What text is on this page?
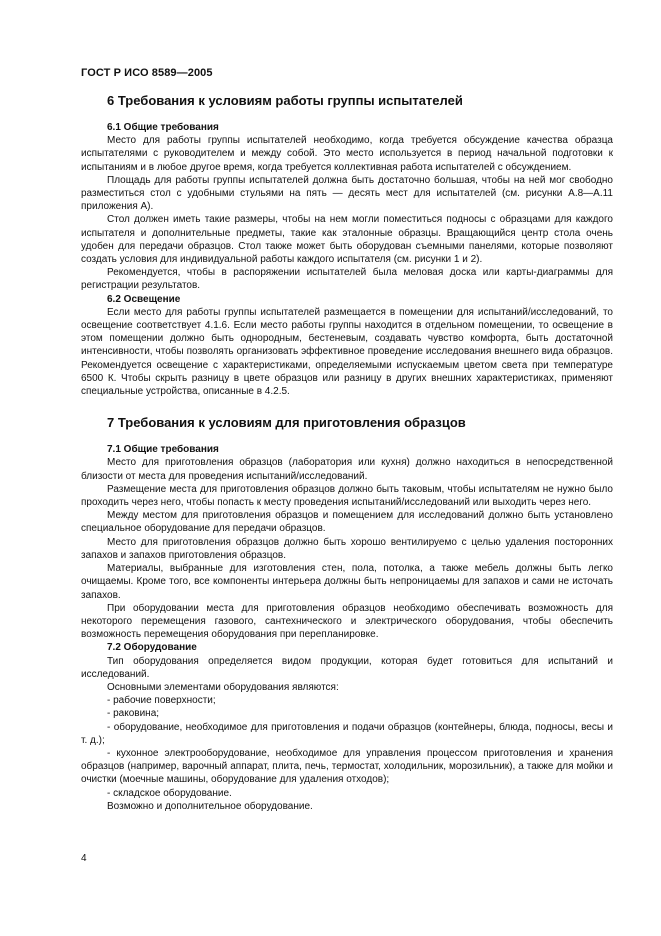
ГОСТ Р ИСО 8589—2005
6 Требования к условиям работы группы испытателей
6.1 Общие требования

Место для работы группы испытателей необходимо, когда требуется обсуждение качества образца испытателями с руководителем и между собой. Это место используется в период начальной подготовки к испытаниям и в любое другое время, когда требуется коллективная работа испытателей с обсуждением.

Площадь для работы группы испытателей должна быть достаточно большая, чтобы на ней мог свободно разместиться стол с удобными стульями на пять — десять мест для испытателей (см. рисунки А.8—А.11 приложения А).

Стол должен иметь такие размеры, чтобы на нем могли поместиться подносы с образцами для каждого испытателя и дополнительные предметы, такие как эталонные образцы. Вращающийся центр стола очень удобен для передачи образцов. Стол также может быть оборудован съемными панелями, которые позволяют создать условия для индивидуальной работы каждого испытателя (см. рисунки 1 и 2).

Рекомендуется, чтобы в распоряжении испытателей была меловая доска или карты-диаграммы для регистрации результатов.

6.2 Освещение

Если место для работы группы испытателей размещается в помещении для испытаний/исследований, то освещение соответствует 4.1.6. Если место работы группы находится в отдельном помещении, то освещение в этом помещении должно быть однородным, бестеневым, создавать чувство комфорта, быть достаточной интенсивности, чтобы позволять организовать эффективное проведение исследования внешнего вида образцов. Рекомендуется освещение с характеристиками, определяемыми испускаемым цветом света при температуре 6500 К. Чтобы скрыть разницу в цвете образцов или разницу в других внешних характеристиках, применяют специальные устройства, описанные в 4.2.5.

7 Требования к условиям для приготовления образцов
7.1 Общие требования

Место для приготовления образцов (лаборатория или кухня) должно находиться в непосредственной близости от места для проведения испытаний/исследований.

Размещение места для приготовления образцов должно быть таковым, чтобы испытателям не нужно было проходить через него, чтобы попасть к месту проведения испытаний/исследований или выходить через него.

Между местом для приготовления образцов и помещением для исследований должно быть установлено специальное оборудование для передачи образцов.

Место для приготовления образцов должно быть хорошо вентилируемо с целью удаления посторонних запахов и запахов приготовления образцов.

Материалы, выбранные для изготовления стен, пола, потолка, а также мебель должны быть легко очищаемы. Кроме того, все компоненты интерьера должны быть непроницаемы для запахов и сами не источать запахов.

При оборудовании места для приготовления образцов необходимо обеспечивать возможность для некоторого перемещения газового, сантехнического и электрического оборудования, чтобы обеспечить возможность перемещения оборудования при перепланировке.

7.2 Оборудование

Тип оборудования определяется видом продукции, которая будет готовиться для испытаний и исследований.

Основными элементами оборудования являются:

- рабочие поверхности;
- раковина;
- оборудование, необходимое для приготовления и подачи образцов (контейнеры, блюда, подносы, весы и т. д.);
- кухонное электрооборудование, необходимое для управления процессом приготовления и хранения образцов (например, варочный аппарат, плита, печь, термостат, холодильник, морозильник), а также для мойки и очистки (моечные машины, оборудование для удаления отходов);
- складское оборудование.

Возможно и дополнительное оборудование.

4
